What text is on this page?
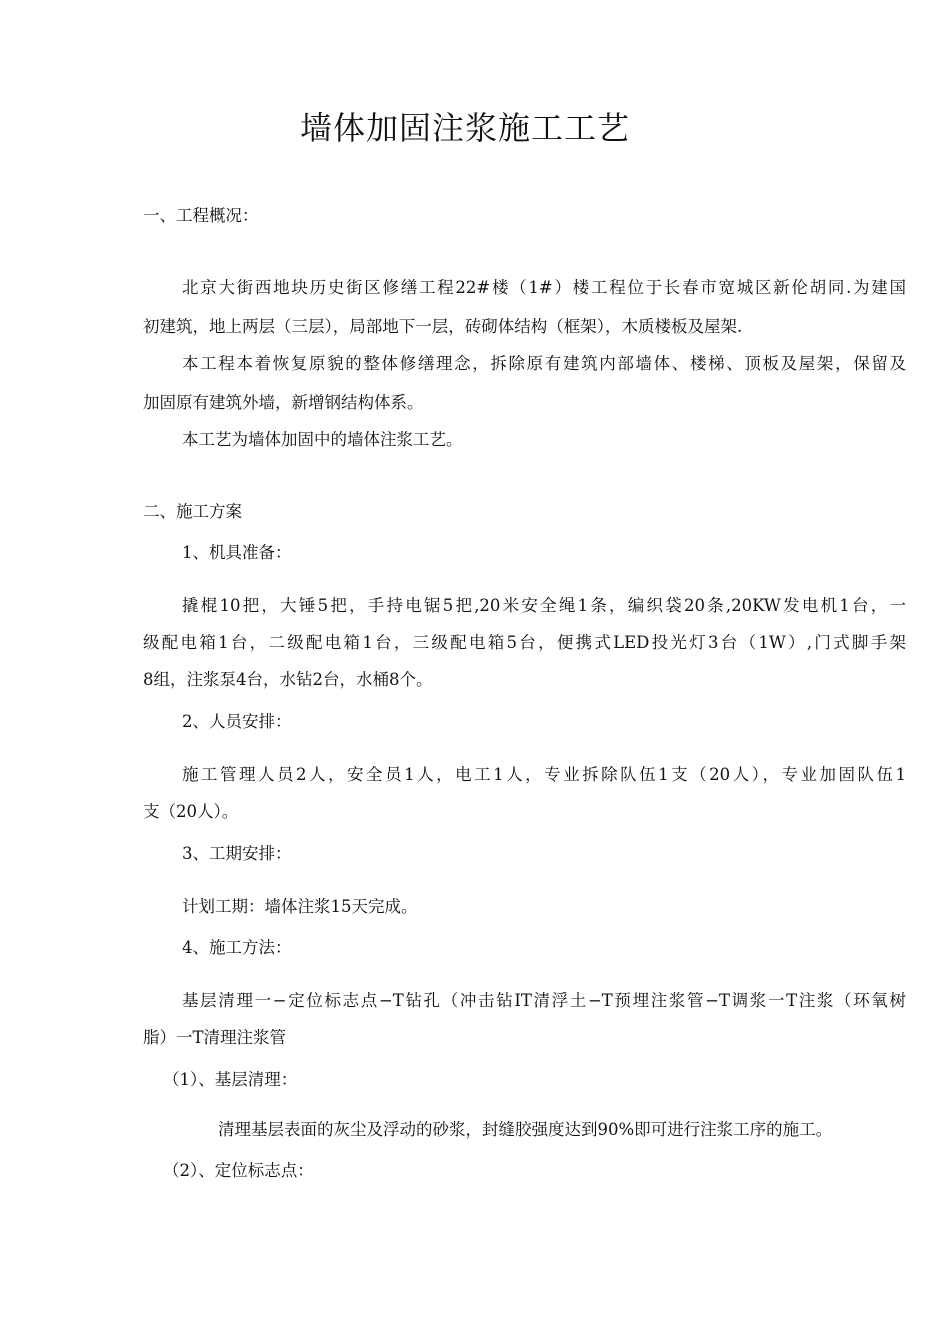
墙体加固注浆施工工艺
一、工程概况：
北京大街西地块历史街区修缮工程22#楼（1#）楼工程位于长春市宽城区新伦胡同.为建国
初建筑，地上两层（三层），局部地下一层，砖砌体结构（框架），木质楼板及屋架.
本工程本着恢复原貌的整体修缮理念，拆除原有建筑内部墙体、楼梯、顶板及屋架，保留及
加固原有建筑外墙，新增钢结构体系。
本工艺为墙体加固中的墙体注浆工艺。
二、施工方案
1、机具准备：
撬棍10把，大锤5把，手持电锯5把,20米安全绳1条，编织袋20条,20KW发电机1台，一
级配电箱1台，二级配电箱1台，三级配电箱5台，便携式LED投光灯3台（1W）,门式脚手架
8组，注浆泵4台，水钻2台，水桶8个。
2、人员安排：
施工管理人员2人，安全员1人，电工1人，专业拆除队伍1支（20人），专业加固队伍1
支（20人）。
3、工期安排：
计划工期：墙体注浆15天完成。
4、施工方法：
基层清理一−定位标志点−T钻孔（冲击钻IT清浮土−T预埋注浆管−T调浆一T注浆（环氧树
脂）一T清理注浆管
（1）、基层清理：
清理基层表面的灰尘及浮动的砂浆，封缝胶强度达到90%即可进行注浆工序的施工。
（2）、定位标志点：
